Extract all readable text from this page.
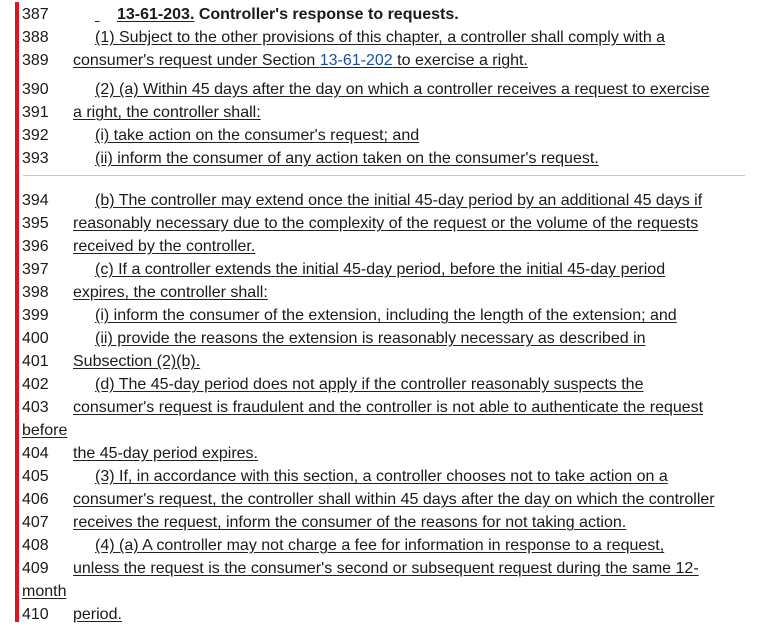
387	13-61-203. Controller's response to requests.
388	(1) Subject to the other provisions of this chapter, a controller shall comply with a
389	consumer's request under Section 13-61-202 to exercise a right.
390	(2) (a) Within 45 days after the day on which a controller receives a request to exercise
391	a right, the controller shall:
392	(i) take action on the consumer's request; and
393	(ii) inform the consumer of any action taken on the consumer's request.
394	(b) The controller may extend once the initial 45-day period by an additional 45 days if
395	reasonably necessary due to the complexity of the request or the volume of the requests
396	received by the controller.
397	(c) If a controller extends the initial 45-day period, before the initial 45-day period
398	expires, the controller shall:
399	(i) inform the consumer of the extension, including the length of the extension; and
400	(ii) provide the reasons the extension is reasonably necessary as described in
401	Subsection (2)(b).
402	(d) The 45-day period does not apply if the controller reasonably suspects the
403	consumer's request is fraudulent and the controller is not able to authenticate the request
before
404	the 45-day period expires.
405	(3) If, in accordance with this section, a controller chooses not to take action on a
406	consumer's request, the controller shall within 45 days after the day on which the controller
407	receives the request, inform the consumer of the reasons for not taking action.
408	(4) (a) A controller may not charge a fee for information in response to a request,
409	unless the request is the consumer's second or subsequent request during the same 12-
month
410	period.
